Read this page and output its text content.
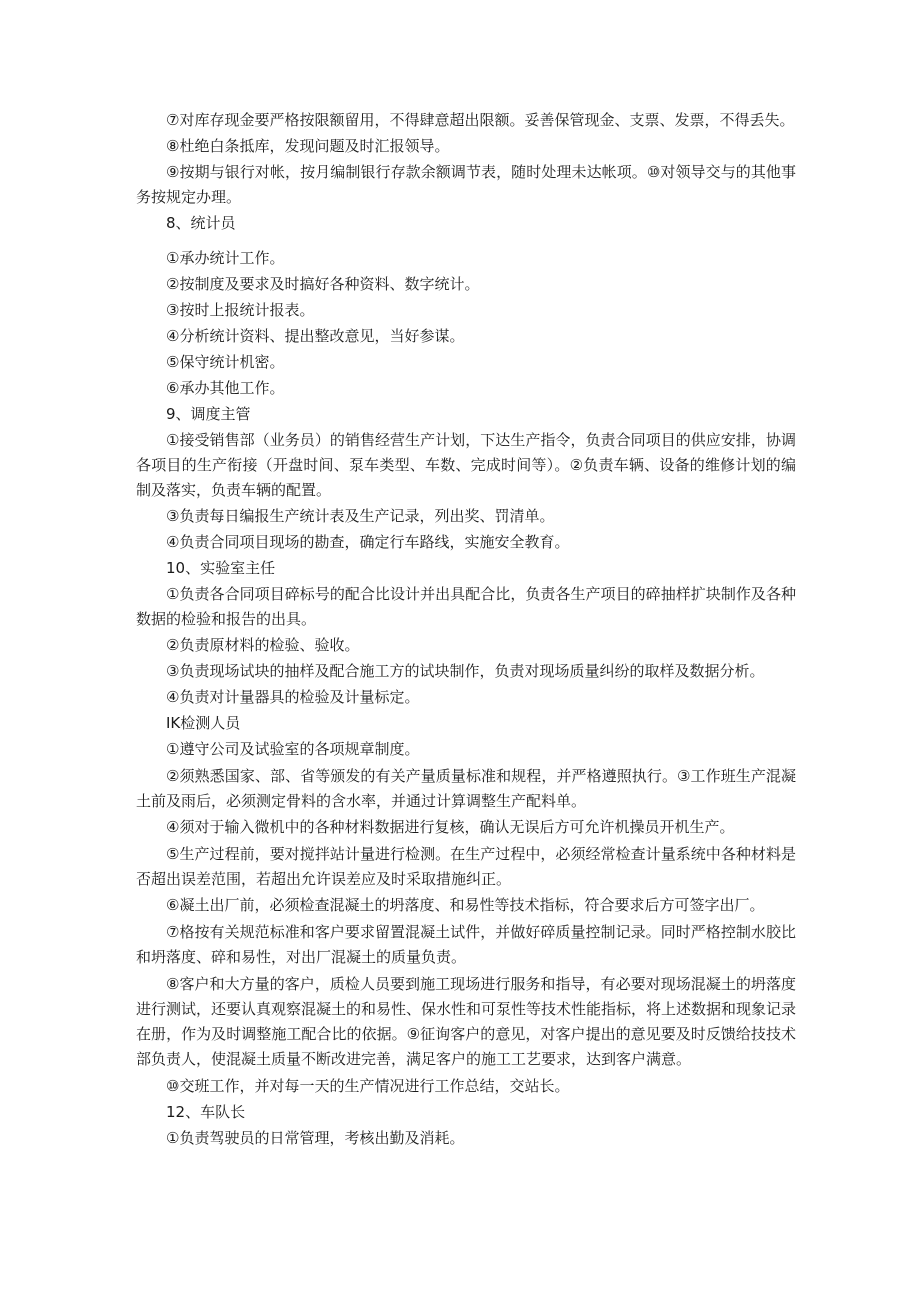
⑦对库存现金要严格按限额留用，不得肆意超出限额。妥善保管现金、支票、发票，不得丢失。

⑧杜绝白条抵库，发现问题及时汇报领导。

⑨按期与银行对帐，按月编制银行存款余额调节表，随时处理未达帐项。⑩对领导交与的其他事务按规定办理。

8、统计员

①承办统计工作。

②按制度及要求及时搞好各种资料、数字统计。

③按时上报统计报表。

④分析统计资料、提出整改意见，当好参谋。

⑤保守统计机密。

⑥承办其他工作。

9、调度主管

①接受销售部（业务员）的销售经营生产计划，下达生产指令，负责合同项目的供应安排，协调各项目的生产衔接（开盘时间、泵车类型、车数、完成时间等）。②负责车辆、设备的维修计划的编制及落实，负责车辆的配置。

③负责每日编报生产统计表及生产记录，列出奖、罚清单。

④负责合同项目现场的勘查，确定行车路线，实施安全教育。

10、实验室主任

①负责各合同项目碎标号的配合比设计并出具配合比，负责各生产项目的碎抽样扩块制作及各种数据的检验和报告的出具。

②负责原材料的检验、验收。

③负责现场试块的抽样及配合施工方的试块制作，负责对现场质量纠纷的取样及数据分析。

④负责对计量器具的检验及计量标定。

IK检测人员

①遵守公司及试验室的各项规章制度。

②须熟悉国家、部、省等颁发的有关产量质量标准和规程，并严格遵照执行。③工作班生产混凝土前及雨后，必须测定骨料的含水率，并通过计算调整生产配料单。

④须对于输入微机中的各种材料数据进行复核，确认无误后方可允许机操员开机生产。

⑤生产过程前，要对搅拌站计量进行检测。在生产过程中，必须经常检查计量系统中各种材料是否超出误差范围，若超出允许误差应及时采取措施纠正。

⑥凝土出厂前，必须检查混凝土的坍落度、和易性等技术指标，符合要求后方可签字出厂。

⑦格按有关规范标准和客户要求留置混凝土试件，并做好碎质量控制记录。同时严格控制水胶比和坍落度、碎和易性，对出厂混凝土的质量负责。

⑧客户和大方量的客户，质检人员要到施工现场进行服务和指导，有必要对现场混凝土的坍落度进行测试，还要认真观察混凝土的和易性、保水性和可泵性等技术性能指标，将上述数据和现象记录在册，作为及时调整施工配合比的依据。⑨征询客户的意见，对客户提出的意见要及时反馈给技技术部负责人，使混凝土质量不断改进完善，满足客户的施工工艺要求，达到客户满意。

⑩交班工作，并对每一天的生产情况进行工作总结，交站长。

12、车队长

①负责驾驶员的日常管理，考核出勤及消耗。
